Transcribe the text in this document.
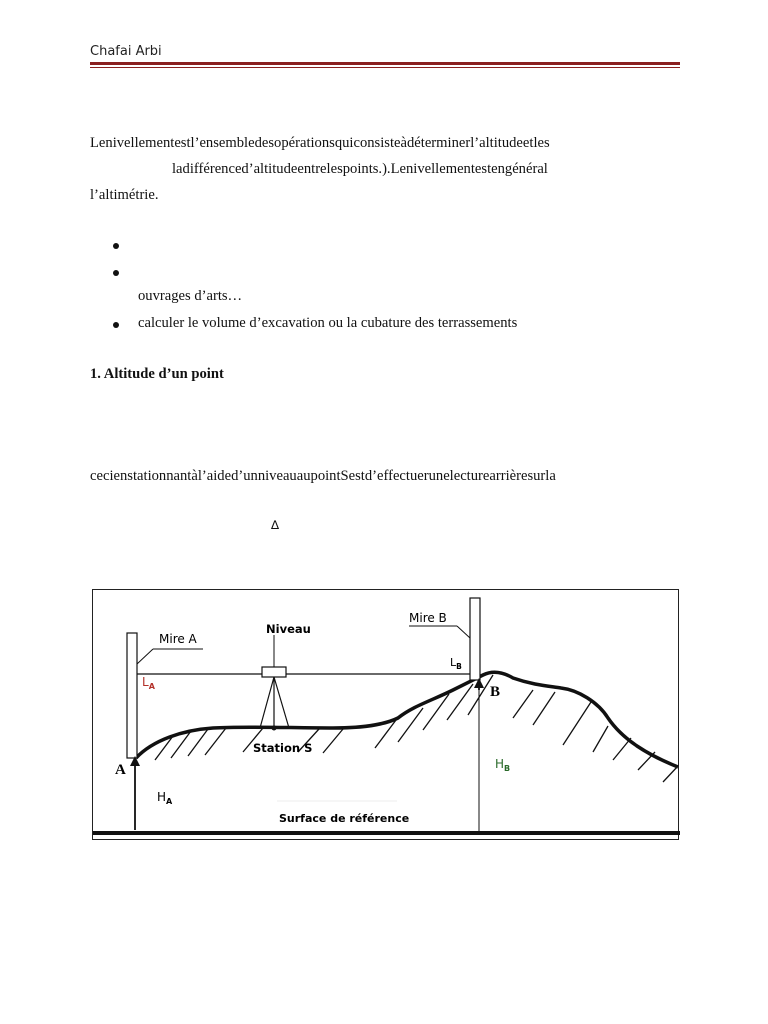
Chafai Arbi
Lenivellementestl’ensembledesopérationsquiconsisteàdéterminerl’altitudeetles
ladifférenced’altitudeentrelespoints.).Lenivellementestengénéral
l’altimétrie.
ouvrages d’arts…
calculer le volume d’excavation ou la cubature des terrassements
1. Altitude d’un point
cecienstationnantàl’aided’unniveauaupointSestd’effectuerunelecturearrièresurla
∆
Mire A
Niveau
Mire B
Station S
Surface de référence
A
B
$L_A$
$L_B$
$H_A$
$H_B$
